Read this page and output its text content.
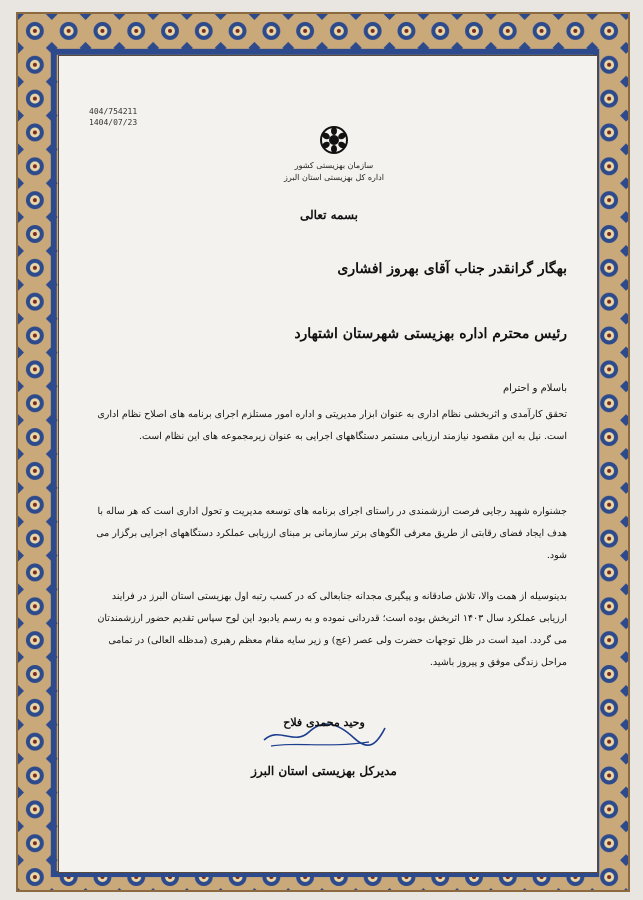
404/754211
1404/07/23
سازمان بهزیستی کشور
اداره کل بهزیستی استان البرز
بسمه تعالی
بهگار گرانقدر جناب آقای بهروز افشاری
رئیس محترم اداره بهزیستی شهرستان اشتهارد
باسلام و احترام
تحقق کارآمدی و اثربخشی نظام اداری به عنوان ابزار مدیریتی و اداره امور مستلزم اجرای برنامه های اصلاح نظام اداری است. نیل به این مقصود نیازمند ارزیابی مستمر دستگاههای اجرایی به عنوان زیرمجموعه های این نظام است.
جشنواره شهید رجایی فرصت ارزشمندی در راستای اجرای برنامه های توسعه مدیریت و تحول اداری است که هر ساله با هدف ایجاد فضای رقابتی از طریق معرفی الگوهای برتر سازمانی بر مبنای ارزیابی عملکرد دستگاههای اجرایی برگزار می شود.
بدینوسیله از همت والا، تلاش صادقانه و پیگیری مجدانه جنابعالی که در کسب رتبه اول بهزیستی استان البرز در فرایند ارزیابی عملکرد سال ۱۴۰۳ اثربخش بوده است؛ قدردانی نموده و به رسم یادبود این لوح سپاس تقدیم حضور ارزشمندتان می گردد. امید است در ظل توجهات حضرت ولی عصر (عج) و زیر سایه مقام معظم رهبری (مدظله العالی) در تمامی مراحل زندگی موفق و پیروز باشید.
وحید محمدی فلاح
مدیرکل بهزیستی استان البرز
